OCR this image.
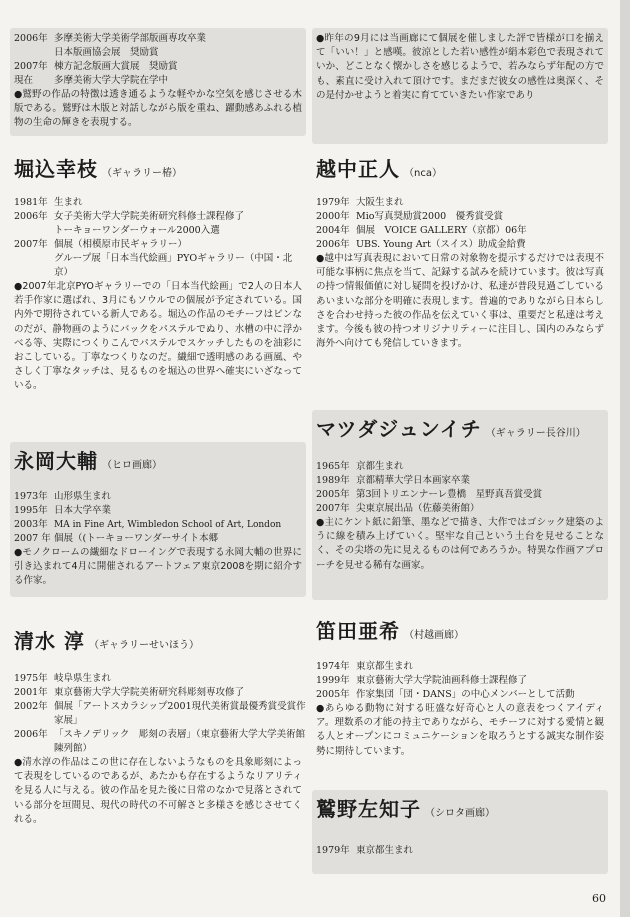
2006年 多摩美術大学美術学部版画専攻卒業
日本版画協会展　奨励賞
2007年 棟方記念版画大賞展　奨励賞
現在	多摩美術大学大学院在学中
●鷲野の作品の特徴は透き通るような軽やかな空気を感じさせる木版である。鷲野は木版と対話しながら版を重ね、躍動感あふれる植物の生命の輝きを表現する。
堀込幸枝 （ギャラリー椿）
1981年 生まれ
2006年 女子美術大学大学院美術研究科修士課程修了
トーキョーワンダーウォール2000入選
2007年 個展（相模原市民ギャラリー）
グループ展「日本当代絵画」PYOギャラリー（中国・北京）
●2007年北京PYOギャラリーでの「日本当代絵画」で2人の日本人若手作家に選ばれ、3月にもソウルでの個展が予定されている。国内外で期待されている新人である。堀込の作品のモチーフはビンなのだが、静物画のようにバックをパステルでぬり、水槽の中に浮かべる等、実際につくりこんでパステルでスケッチしたものを油彩におこしている。丁寧なつくりなのだ。繊細で透明感のある画風、やさしく丁寧なタッチは、見るものを堀込の世界へ確実にいざなっている。
永岡大輔 （ヒロ画廊）
1973年 山形県生まれ
1995年 日本大学卒業
2003年 MA in Fine Art, Wimbledon School of Art, London
2007 年 個展（(トーキョーワンダーサイト本郷
●モノクロームの繊細なドローイングで表現する永岡大輔の世界に引き込まれて4月に開催されるアートフェア東京2008を期に紹介する作家。
清水 淳 （ギャラリーせいほう）
1975年 岐阜県生まれ
2001年 東京藝術大学大学院美術研究科彫刻専攻修了
2002年 個展「アートスカラシップ2001現代美術賞最優秀賞受賞作家展」
2006年 「スキノデリック　彫刻の表層」（東京藝術大学大学美術館陳列館）
●清水淳の作品はこの世に存在しないようなものを具象彫刻によって表現をしているのであるが、あたかも存在するようなリアリティを見る人に与える。彼の作品を見た後に日常のなかで見落とされている部分を垣間見、現代の時代の不可解さと多様さを感じさせてくれる。
●昨年の9月には当画廊にて個展を催しました評で皆様が口を揃えて「いい！」と感嘆。彼涼とした若い感性が絹本彩色で表現されていか、どことなく懐かしさを感じるようで、若みならず年配の方でも、素直に受け入れて頂けです。まだまだ彼女の感性は奥深く、その是付かせようと着実に育てていきたい作家であり
越中正人 （nca）
1979年 大阪生まれ
2000年 Mio写真奨励賞2000　優秀賞受賞
2004年 個展　VOICE GALLERY（京都）06年
2006年 UBS. Young Art（スイス）助成金給費
●越中は写真表現において日常の対象物を提示するだけでは表現不可能な事柄に焦点を当て、記録する試みを続けています。彼は写真の持つ情報価値に対し疑問を投げかけ、私達が普段見過ごしているあいまいな部分を明確に表現します。普遍的でありながら日本らしさを合わせ持った彼の作品を伝えていく事は、重要だと私達は考えます。今後も彼の持つオリジナリティーに注目し、国内のみならず海外へ向けても発信していきます。
マツダジュンイチ （ギャラリー長谷川）
1965年 京都生まれ
1989年 京都精華大学日本画家卒業
2005年 第3回トリエンナーレ豊橋　星野真吾賞受賞
2007年 尖東京展出品（佐藤美術館）
●主にケント紙に鉛筆、墨などで描き、大作ではゴシック建築のように線を積み上げていく。堅牢な自己という土台を見せることなく、その尖塔の先に見えるものは何であろうか。特異な作画アプローチを見せる稀有な画家。
笛田亜希 （村越画廊）
1974年 東京都生まれ
1999年 東京藝術大学大学院油画科修士課程修了
2005年 作家集団「団・DANS」の中心メンバーとして活動
●あらゆる動物に対する旺盛な好奇心と人の意表をつくアイディア。理数系の才能の持主でありながら、モチーフに対する愛情と観る人とオープンにコミュニケーションを取ろうとする誠実な制作姿勢に期待しています。
鷲野左知子 （シロタ画廊）
1979年 東京都生まれ
60
